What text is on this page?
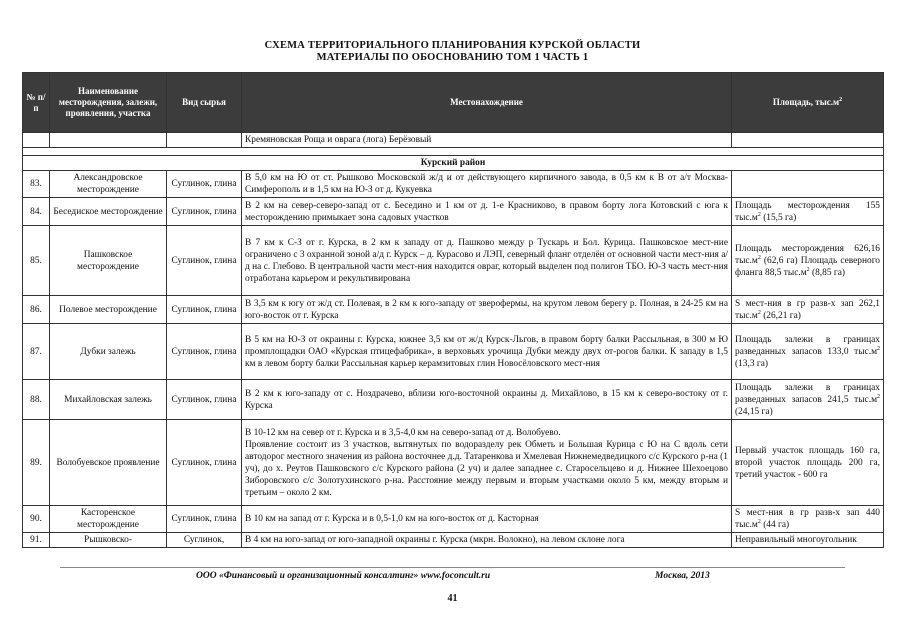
СХЕМА ТЕРРИТОРИАЛЬНОГО ПЛАНИРОВАНИЯ КУРСКОЙ ОБЛАСТИ
МАТЕРИАЛЫ ПО ОБОСНОВАНИЮ ТОМ 1 ЧАСТЬ 1
№ п/п	Наименование месторождения, залежи, проявления, участка	Вид сырья	Местонахождение	Площадь, $тыс.м^2$
			Кремяновская Роща и оврага (лога) Берёзовый	

Курский район				
83.	Александровское месторождение	Суглинок, глина	В 5,0 км на Ю от ст. Рышково Московской ж/д и от действующего кирпичного завода, в 0,5 км к В от а/т Москва-Симферополь и в 1,5 км на Ю-З от д. Кукуевка	
84.	Беседиское месторождение	Суглинок, глина	В 2 км на север-северо-запад от с. Беседино и 1 км от д. 1-е Красниково, в правом борту лога Котовский с юга к месторождению примыкает зона садовых участков	Площадь месторождения 155 $тыс.м^2$ (15,5 га)
85.	Пашковское месторождение	Суглинок, глина	В 7 км к С-З от г. Курска, в 2 км к западу от д. Пашково между р Тускарь и Бол. Курица. Пашковское мест-ние ограничено с 3 охранной зоной а/д г. Курск – д. Курасово и ЛЭП, северный фланг отделён от основной части мест-ния а/д на с. Глебово. В центральной части мест-ния находится овраг, который выделен под полигон ТБО. Ю-З часть мест-ния отработана карьером и рекультивирована	Площадь месторождения 626,16 $тыс.м^2$ (62,6 га) Площадь северного фланга 88,5 $тыс.м^2$ (8,85 га)
86.	Полевое месторождение	Суглинок, глина	В 3,5 км к югу от ж/д ст. Полевая, в 2 км к юго-западу от зверофермы, на крутом левом берегу р. Полная, в 24-25 км на юго-восток от г. Курска	S мест-ния в гр разв-х зап 262,1 $тыс.м^2$ (26,21 га)
87.	Дубки залежь	Суглинок, глина	В 5 км на Ю-З от окраины г. Курска, южнее 3,5 км от ж/д Курск-Льгов, в правом борту балки Рассыльная, в 300 м Ю промплощадки ОАО «Курская птицефабрика», в верховьях урочища Дубки между двух от-рогов балки. К западу в 1,5 км в левом борту балки Рассыльная карьер керамзитовых глин Новосёловского мест-ния	Площадь залежи в границах разведанных запасов 133,0 $тыс.м^2$ (13,3 га)
88.	Михайловская залежь	Суглинок, глина	В 2 км к юго-западу от с. Ноздрачево, вблизи юго-восточной окраины д. Михайлово, в 15 км к северо-востоку от г. Курска	Площадь залежи в границах разведанных запасов 241,5 $тыс.м^2$ (24,15 га)
89.	Волобуевское проявление	Суглинок, глина	В 10-12 км на север от г. Курска и в 3,5-4,0 км на северо-запад от д. Волобуево.
Проявление состоит из 3 участков, вытянутых по водоразделу рек Обметь и Большая Курица с Ю на С вдоль сети автодорог местного значения из района восточнее д.д. Татаренкова и Хмелевая Нижнемедведицкого с/с Курского р-на (1 уч), до х. Реутов Пашковского с/с Курского района (2 уч) и далее западнее с. Старосельцево и д. Нижнее Шехоецово Зиборовского с/с Золотухинского р-на. Расстояние между первым и вторым участками около 5 км, между вторым и третьим – около 2 км.	Первый участок площадь 160 га, второй участок площадь 200 га, третий участок - 600 га
90.	Касторенское месторождение	Суглинок, глина	В 10 км на запад от г. Курска и в 0,5-1,0 км на юго-восток от д. Касторная	S мест-ния в гр разв-х зап 440 $тыс.м^2$ (44 га)
91.	Рышковско-	Суглинок,	В 4 км на юго-запад от юго-западной окраины г. Курска (мкрн. Волокно), на левом склоне лога	Неправильный многоугольник
ООО «Финансовый и организационный консалтинг» www.foconcult.ru	Москва, 2013
41
